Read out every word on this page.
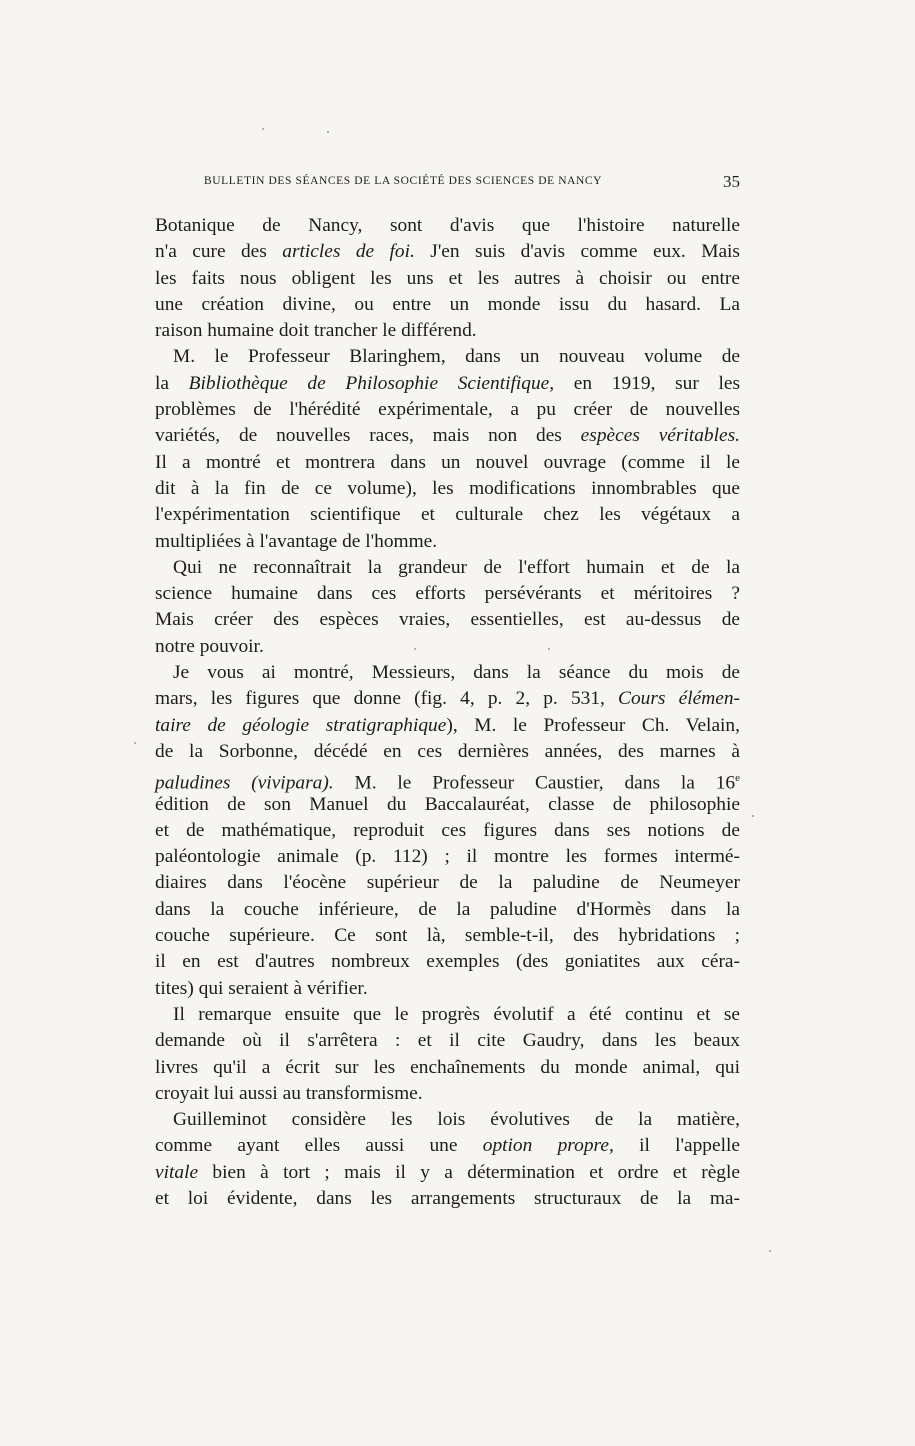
BULLETIN DES SÉANCES DE LA SOCIÉTÉ DES SCIENCES DE NANCY	35
Botanique de Nancy, sont d'avis que l'histoire naturelle
n'a cure des articles de foi. J'en suis d'avis comme eux. Mais
les faits nous obligent les uns et les autres à choisir ou entre
une création divine, ou entre un monde issu du hasard. La
raison humaine doit trancher le différend.
M. le Professeur Blaringhem, dans un nouveau volume de
la Bibliothèque de Philosophie Scientifique, en 1919, sur les
problèmes de l'hérédité expérimentale, a pu créer de nouvelles
variétés, de nouvelles races, mais non des espèces véritables.
Il a montré et montrera dans un nouvel ouvrage (comme il le
dit à la fin de ce volume), les modifications innombrables que
l'expérimentation scientifique et culturale chez les végétaux a
multipliées à l'avantage de l'homme.
Qui ne reconnaîtrait la grandeur de l'effort humain et de la
science humaine dans ces efforts persévérants et méritoires ?
Mais créer des espèces vraies, essentielles, est au-dessus de
notre pouvoir.
Je vous ai montré, Messieurs, dans la séance du mois de
mars, les figures que donne (fig. 4, p. 2, p. 531, Cours élémen-
taire de géologie stratigraphique), M. le Professeur Ch. Velain,
de la Sorbonne, décédé en ces dernières années, des marnes à
paludines (vivipara). M. le Professeur Caustier, dans la 16e
édition de son Manuel du Baccalauréat, classe de philosophie
et de mathématique, reproduit ces figures dans ses notions de
paléontologie animale (p. 112) ; il montre les formes intermé-
diaires dans l'éocène supérieur de la paludine de Neumeyer
dans la couche inférieure, de la paludine d'Hormès dans la
couche supérieure. Ce sont là, semble-t-il, des hybridations ;
il en est d'autres nombreux exemples (des goniatites aux céra-
tites) qui seraient à vérifier.
Il remarque ensuite que le progrès évolutif a été continu et se
demande où il s'arrêtera : et il cite Gaudry, dans les beaux
livres qu'il a écrit sur les enchaînements du monde animal, qui
croyait lui aussi au transformisme.
Guilleminot considère les lois évolutives de la matière,
comme ayant elles aussi une option propre, il l'appelle
vitale bien à tort ; mais il y a détermination et ordre et règle
et loi évidente, dans les arrangements structuraux de la ma-
